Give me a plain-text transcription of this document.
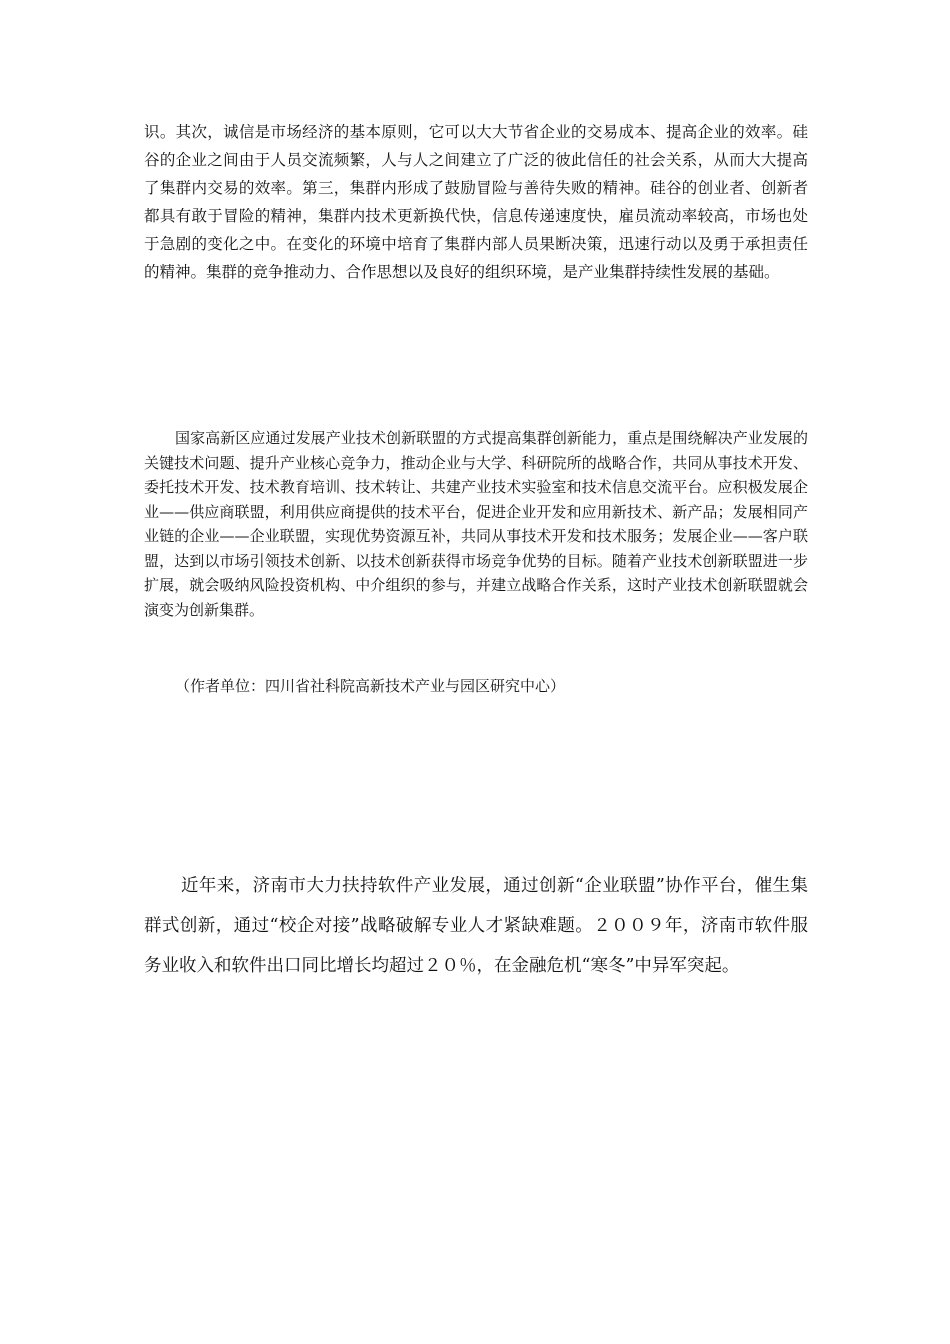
识。其次，诚信是市场经济的基本原则，它可以大大节省企业的交易成本、提高企业的效率。硅谷的企业之间由于人员交流频繁，人与人之间建立了广泛的彼此信任的社会关系，从而大大提高了集群内交易的效率。第三，集群内形成了鼓励冒险与善待失败的精神。硅谷的创业者、创新者都具有敢于冒险的精神，集群内技术更新换代快，信息传递速度快，雇员流动率较高，市场也处于急剧的变化之中。在变化的环境中培育了集群内部人员果断决策，迅速行动以及勇于承担责任的精神。集群的竞争推动力、合作思想以及良好的组织环境，是产业集群持续性发展的基础。

国家高新区应通过发展产业技术创新联盟的方式提高集群创新能力，重点是围绕解决产业发展的关键技术问题、提升产业核心竞争力，推动企业与大学、科研院所的战略合作，共同从事技术开发、委托技术开发、技术教育培训、技术转让、共建产业技术实验室和技术信息交流平台。应积极发展企业——供应商联盟，利用供应商提供的技术平台，促进企业开发和应用新技术、新产品；发展相同产业链的企业——企业联盟，实现优势资源互补，共同从事技术开发和技术服务；发展企业——客户联盟，达到以市场引领技术创新、以技术创新获得市场竞争优势的目标。随着产业技术创新联盟进一步扩展，就会吸纳风险投资机构、中介组织的参与，并建立战略合作关系，这时产业技术创新联盟就会演变为创新集群。

（作者单位：四川省社科院高新技术产业与园区研究中心）

近年来，济南市大力扶持软件产业发展，通过创新“企业联盟”协作平台，催生集群式创新，通过“校企对接”战略破解专业人才紧缺难题。２００９年，济南市软件服务业收入和软件出口同比增长均超过２０％，在金融危机“寒冬”中异军突起。
